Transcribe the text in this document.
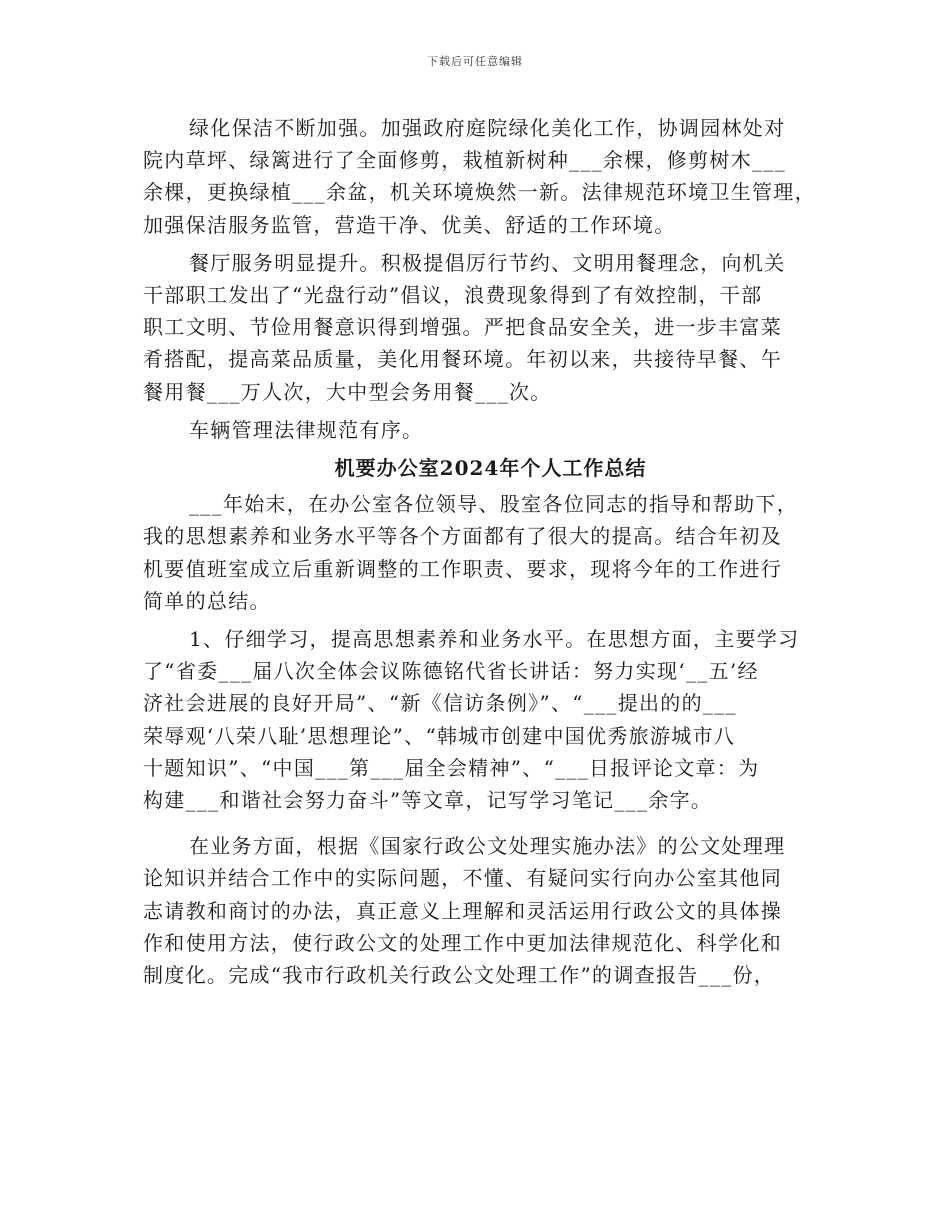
下载后可任意编辑

绿化保洁不断加强。加强政府庭院绿化美化工作，协调园林处对
院内草坪、绿篱进行了全面修剪，栽植新树种___余棵，修剪树木___
余棵，更换绿植___余盆，机关环境焕然一新。法律规范环境卫生管理，
加强保洁服务监管，营造干净、优美、舒适的工作环境。

餐厅服务明显提升。积极提倡厉行节约、文明用餐理念，向机关
干部职工发出了“光盘行动”倡议，浪费现象得到了有效控制，干部
职工文明、节俭用餐意识得到增强。严把食品安全关，进一步丰富菜
肴搭配，提高菜品质量，美化用餐环境。年初以来，共接待早餐、午
餐用餐___万人次，大中型会务用餐___次。

车辆管理法律规范有序。

机要办公室2024年个人工作总结

___年始末，在办公室各位领导、股室各位同志的指导和帮助下，
我的思想素养和业务水平等各个方面都有了很大的提高。结合年初及
机要值班室成立后重新调整的工作职责、要求，现将今年的工作进行
简单的总结。

1、仔细学习，提高思想素养和业务水平。在思想方面，主要学习
了“省委___届八次全体会议陈德铭代省长讲话：努力实现‘__五’经
济社会进展的良好开局”、“新《信访条例》”、“___提出的的___
荣辱观‘八荣八耻’思想理论”、“韩城市创建中国优秀旅游城市八
十题知识”、“中国___第___届全会精神”、“___日报评论文章：为
构建___和谐社会努力奋斗”等文章，记写学习笔记___余字。

在业务方面，根据《国家行政公文处理实施办法》的公文处理理
论知识并结合工作中的实际问题，不懂、有疑问实行向办公室其他同
志请教和商讨的办法，真正意义上理解和灵活运用行政公文的具体操
作和使用方法，使行政公文的处理工作中更加法律规范化、科学化和
制度化。完成“我市行政机关行政公文处理工作”的调查报告___份，
